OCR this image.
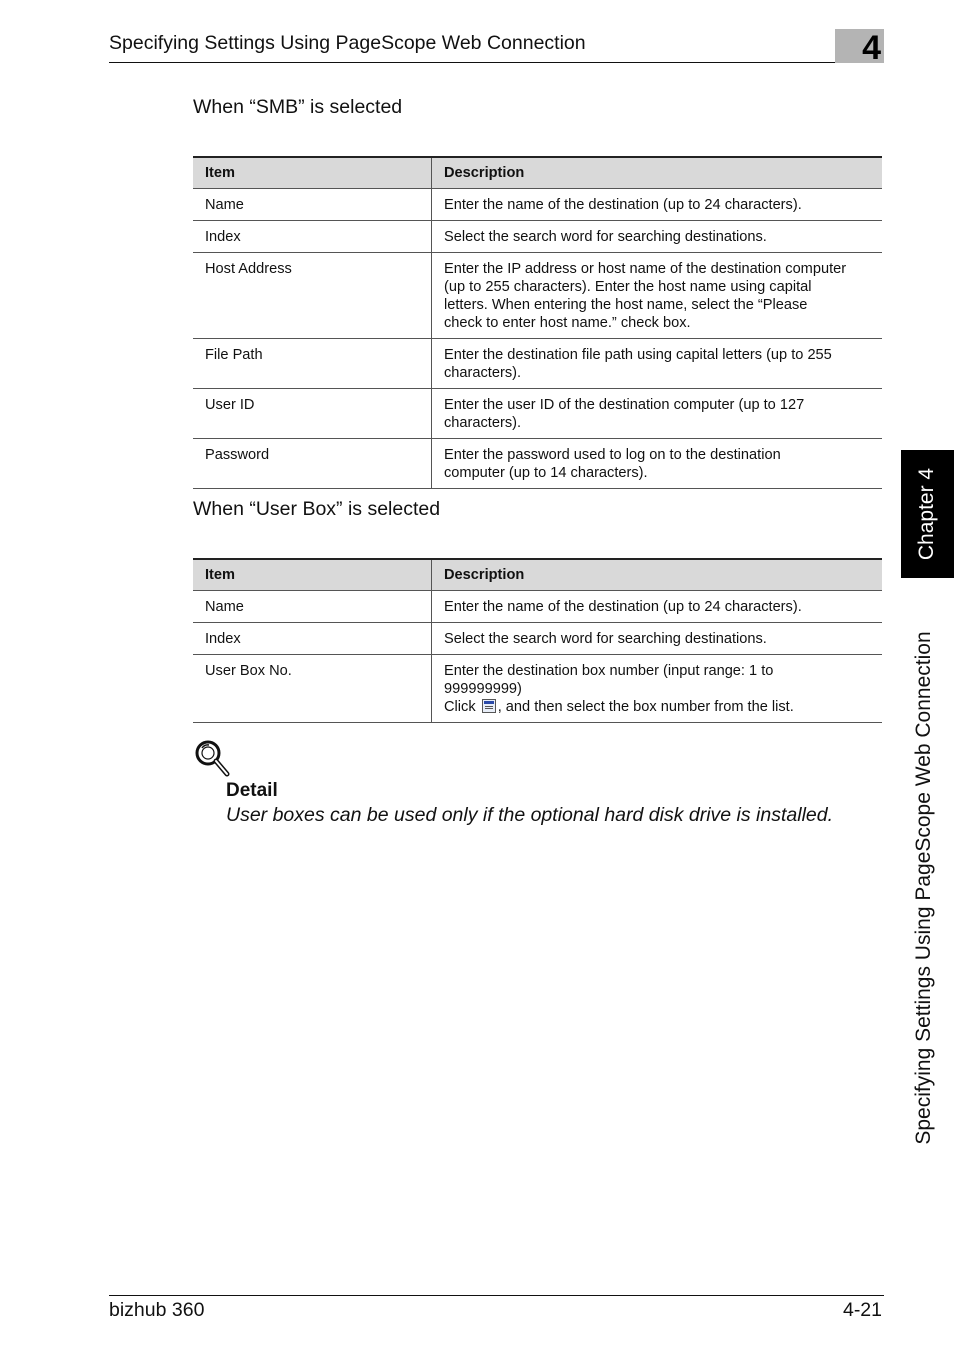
Specifying Settings Using PageScope Web Connection	4
When “SMB” is selected
Item	Description
Name	Enter the name of the destination (up to 24 characters).

Index	Select the search word for searching destinations.

Host Address	Enter the IP address or host name of the destination computer
(up to 255 characters). Enter the host name using capital
letters. When entering the host name, select the “Please
check to enter host name.” check box.

File Path	Enter the destination file path using capital letters (up to 255
characters).

User ID	Enter the user ID of the destination computer (up to 127
characters).

Password	Enter the password used to log on to the destination
computer (up to 14 characters).
When “User Box” is selected
Item	Description
Name	Enter the name of the destination (up to 24 characters).

Index	Select the search word for searching destinations.

User Box No.	Enter the destination box number (input range: 1 to
999999999)
Click , and then select the box number from the list.
Detail
User boxes can be used only if the optional hard disk drive is installed.
Chapter 4
Specifying Settings Using PageScope Web Connection
bizhub 360	4-21
